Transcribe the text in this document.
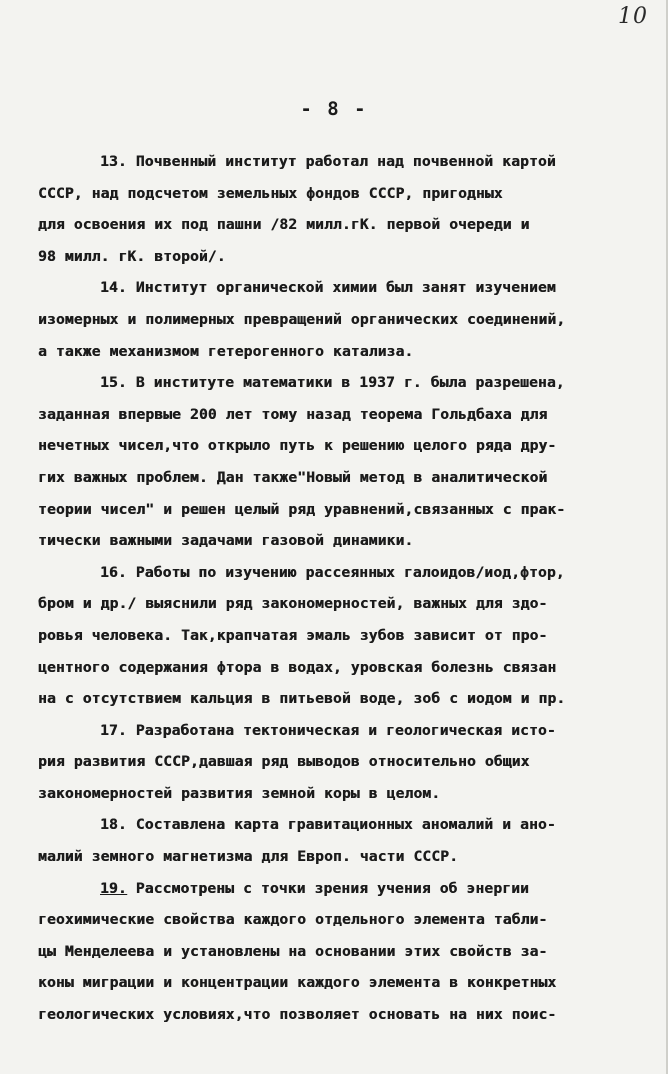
10
- 8 -
13. Почвенный институт работал над почвенной картой
СССР, над подсчетом земельных фондов СССР, пригодных
для освоения их под пашни /82 милл.гК. первой очереди и
98 милл. гК. второй/.
14. Институт органической химии был занят изучением
изомерных и полимерных превращений органических соединений,
а также механизмом гетерогенного катализа.
15. В институте математики в 1937 г. была разрешена,
заданная впервые 200 лет тому назад теорема Гольдбаха для
нечетных чисел,что открыло путь к решению целого ряда дру-
гих важных проблем. Дан также"Новый метод в аналитической
теории чисел" и решен целый ряд уравнений,связанных с прак-
тически важными задачами газовой динамики.
16. Работы по изучению рассеянных галоидов/иод,фтор,
бром и др./ выяснили ряд закономерностей, важных для здо-
ровья человека. Так,крапчатая эмаль зубов зависит от про-
центного содержания фтора в водах, уровская болезнь связан
на с отсутствием кальция в питьевой воде, зоб с иодом и пр.
17. Разработана тектоническая и геологическая исто-
рия развития СССР,давшая ряд выводов относительно общих
закономерностей развития земной коры в целом.
18. Составлена карта гравитационных аномалий и ано-
малий земного магнетизма для Европ. части СССР.
19. Рассмотрены с точки зрения учения об энергии
геохимические свойства каждого отдельного элемента табли-
цы Менделеева и установлены на основании этих свойств за-
коны миграции и концентрации каждого элемента в конкретных
геологических условиях,что позволяет основать на них поис-
